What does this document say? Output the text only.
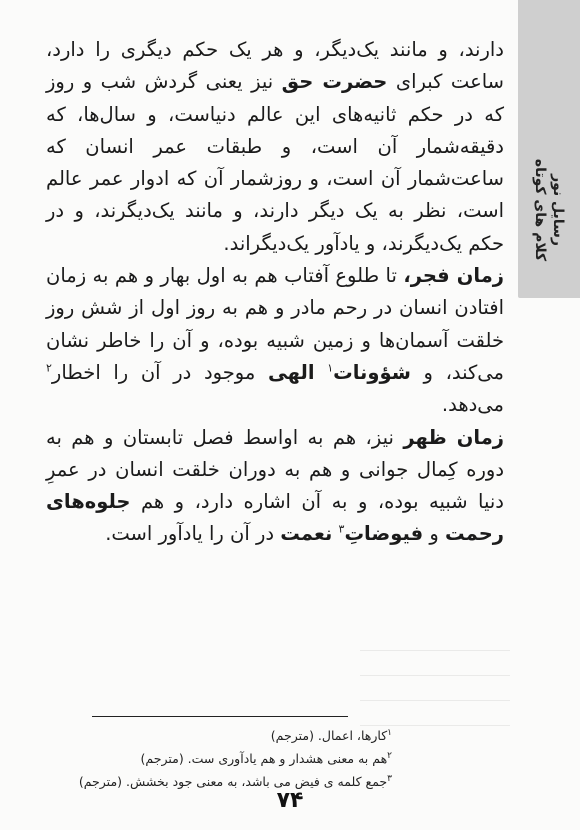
رسایل نور
کلام های کوتاه

دارند، و مانند یک‌دیگر، و هر یک حکم دیگری را دارد، ساعت کبرای حضرت حق نیز یعنی گردش شب و روز که در حکم ثانیه‌های این عالم دنیاست، و سال‌ها، که دقیقه‌شمار آن است، و طبقات عمر انسان که ساعت‌شمار آن است، و روزشمار آن که ادوار عمر عالم است، نظر به یک دیگر دارند، و مانند یک‌دیگرند، و در حکم یک‌دیگرند، و یادآور یک‌دیگراند.

زمان فجر، تا طلوع آفتاب هم به اول بهار و هم به زمان افتادن انسان در رحم مادر و هم به روز اول از شش روز خلقت آسمان‌ها و زمین شبیه بوده، و آن را خاطر نشان می‌کند، و شؤونات$^۱$ الهی موجود در آن را اخطار$^۲$ می‌دهد.

زمان ظهر نیز، هم به اواسط فصل تابستان و هم به دوره کِمال جوانی و هم به دوران خلقت انسان در عمرِ دنیا شبیه بوده، و به آن اشاره دارد، و هم جلوه‌های رحمت و فیوضاتِ$^۳$ نعمت در آن را یادآور است.

$^۱$کارها، اعمال. (مترجم)
$^۲$هم به معنی هشدار و هم یادآوری ست. (مترجم)
$^۳$جمع کلمه ی فیض می باشد، به معنی جود بخشش. (مترجم)
۷۴
